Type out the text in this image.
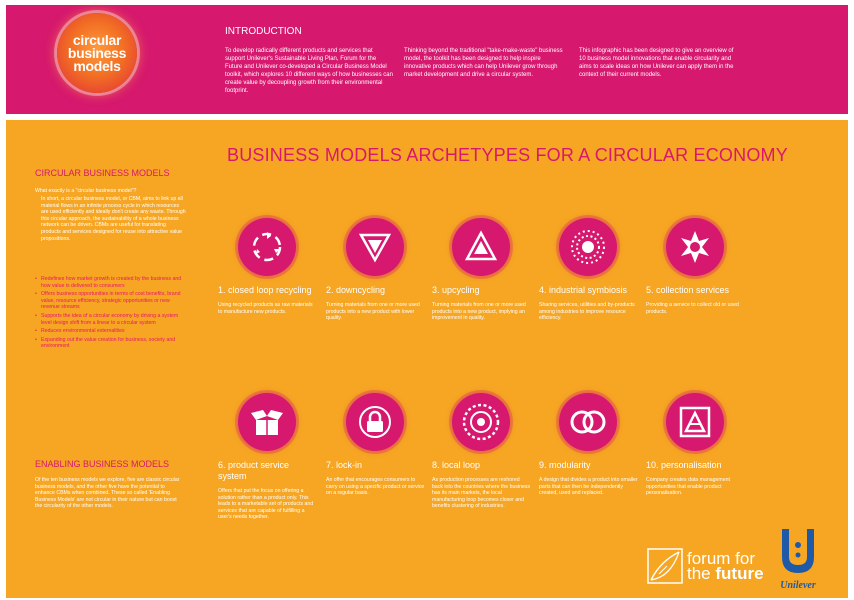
circular business models
INTRODUCTION
To develop radically different products and services that support Unilever's Sustainable Living Plan, Forum for the Future and Unilever co-developed a Circular Business Model toolkit, which explores 10 different ways of how businesses can create value by decoupling growth from their environmental footprint.
Thinking beyond the traditional "take-make-waste" business model, the toolkit has been designed to help inspire innovative products which can help Unilever grow through market development and drive a circular system.
This infographic has been designed to give an overview of 10 business model innovations that enable circularity and aims to scale ideas on how Unilever can apply them in the context of their current models.
BUSINESS MODELS ARCHETYPES FOR A CIRCULAR ECONOMY
CIRCULAR BUSINESS MODELS
What exactly is a "circular business model"?
In short, a circular business model, or CBM, aims to link up all material flows in an infinite process cycle in which resources are used efficiently and ideally don't create any waste. Through this circular approach, the sustainability of a whole business network can be driven. CBMs are useful for translating products and services designed for reuse into attractive value propositions.
• Redefines how market growth is created by the business and how value is delivered to consumers
• Offers business opportunities in terms of cost benefits, brand value, resource efficiency, strategic opportunities or new revenue streams
• Supports the idea of a circular economy by driving a system level design shift from a linear to a circular system
• Reduces environmental externalities
• Expanding out the value creation for business, society and environment
ENABLING BUSINESS MODELS
Of the ten business models we explore, five are classic circular business models, and the other five have the potential to enhance CBMs when combined. These so called 'Enabling Business Models' are not circular in their nature but can boost the circularity of the other models.
1. closed loop recycling
Using recycled products as raw materials to manufacture new products.
2. downcycling
Turning materials from one or more used products into a new product with lower quality.
3. upcycling
Turning materials from one or more used products into a new product, implying an improvement in quality.
4. industrial symbiosis
Sharing services, utilities and by-products among industries to improve resource efficiency.
5. collection services
Providing a service to collect old or used products.
6. product service system
Offers that put the focus on offering a solution rather than a product only. This leads to a marketable set of products and services that are capable of fulfilling a user's needs together.
7. lock-in
An offer that encourages consumers to carry on using a specific product or service on a regular basis.
8. local loop
As production processes are reshored back into the countries where the business has its main markets, the local manufacturing loop becomes closer and benefits clustering of industries.
9. modularity
A design that divides a product into smaller parts that can then be independently created, used and replaced.
10. personalisation
Company creates data management opportunities that enable product personalisation.
forum for
the future
Unilever
